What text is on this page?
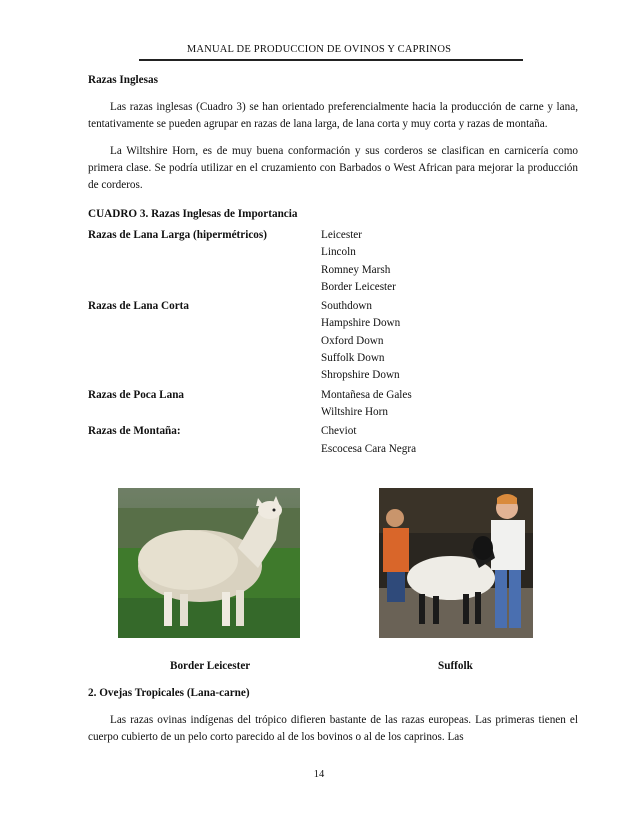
MANUAL DE PRODUCCION DE OVINOS Y CAPRINOS
Razas Inglesas

Las razas inglesas (Cuadro 3) se han orientado preferencialmente hacia la producción de carne y lana, tentativamente se pueden agrupar en razas de lana larga, de lana corta y muy corta y razas de montaña.

La Wiltshire Horn, es de muy buena conformación y sus corderos se clasifican en carnicería como primera clase. Se podría utilizar en el cruzamiento con Barbados o West African para mejorar la producción de corderos.

CUADRO 3. Razas Inglesas de Importancia
Razas de Lana Larga (hipermétricos)	Leicester
Lincoln
Romney Marsh
Border Leicester
Razas de Lana Corta	Southdown
Hampshire Down
Oxford Down
Suffolk Down
Shropshire Down
Razas de Poca Lana	Montañesa de Gales
Wiltshire Horn
Razas de Montaña:	Cheviot
Escocesa Cara Negra
Border Leicester	Suffolk
2. Ovejas Tropicales (Lana-carne)

Las razas ovinas indígenas del trópico difieren bastante de las razas europeas. Las primeras tienen el cuerpo cubierto de un pelo corto parecido al de los bovinos o al de los caprinos. Las

14
